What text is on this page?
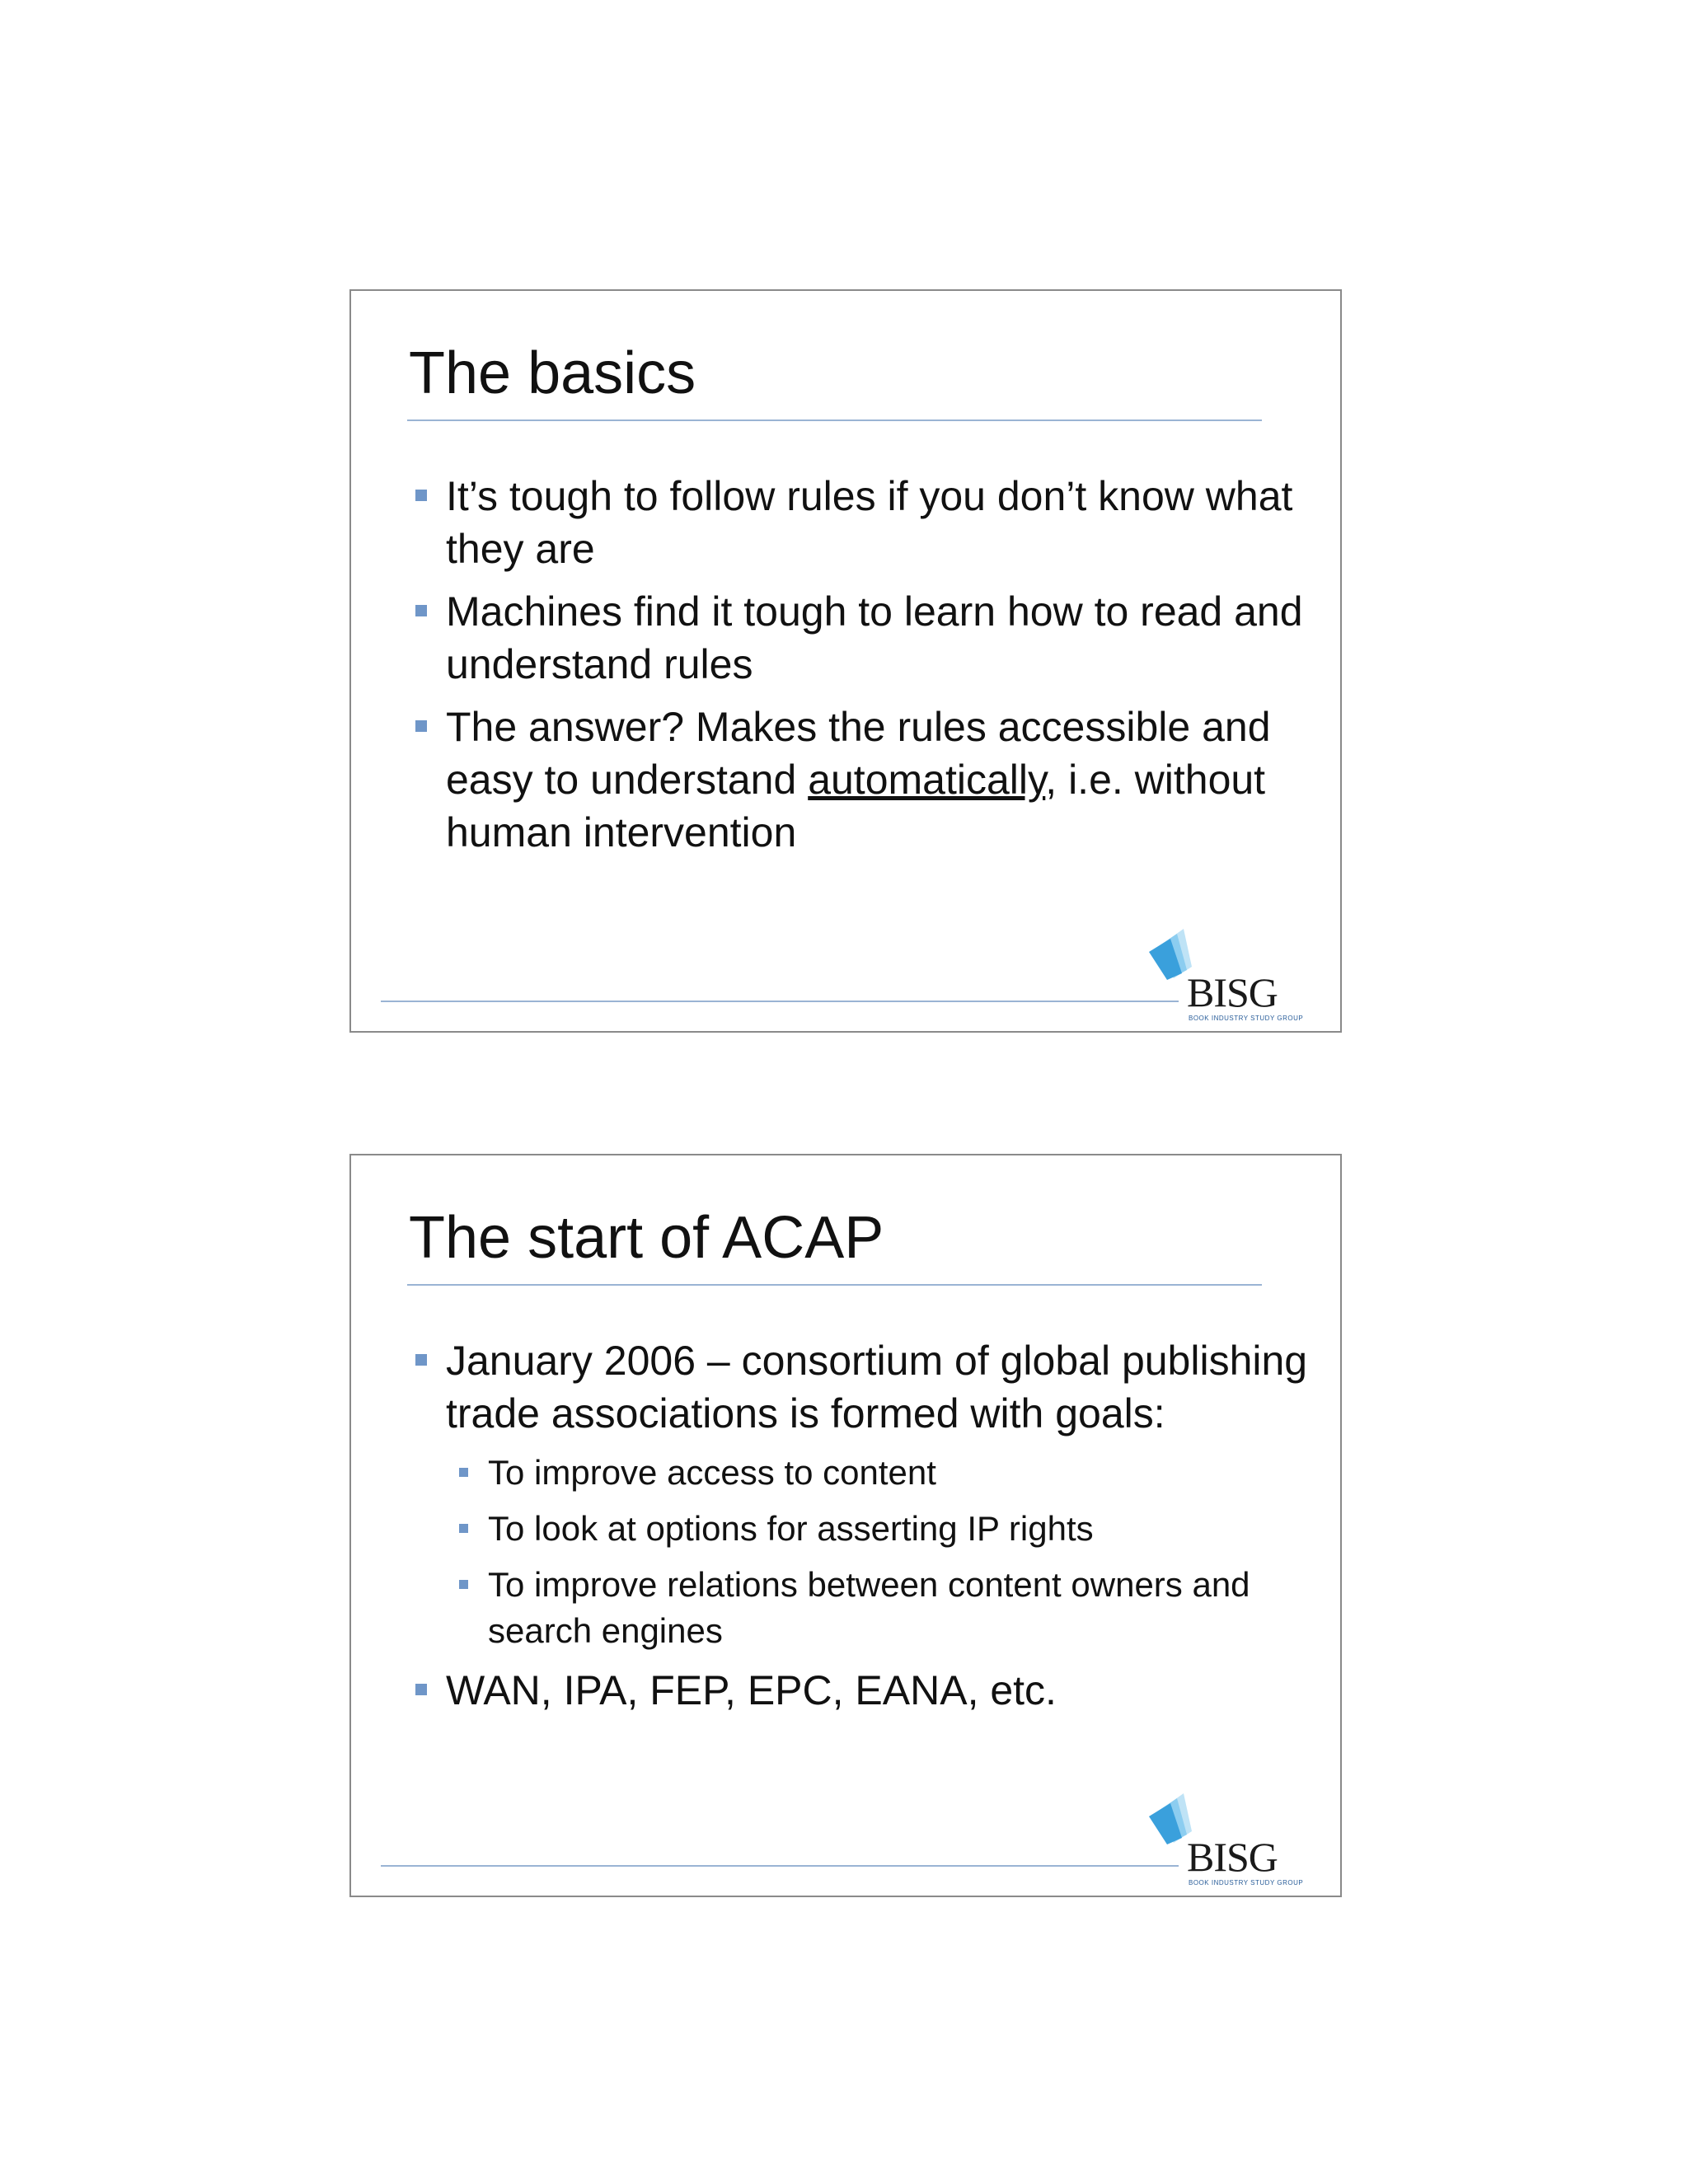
The basics
It’s tough to follow rules if you don’t know what they are
Machines find it tough to learn how to read and understand rules
The answer? Makes the rules accessible and easy to understand automatically, i.e. without human intervention
BISG
BOOK INDUSTRY STUDY GROUP
The start of ACAP
January 2006 – consortium of global publishing trade associations is formed with goals:
To improve access to content
To look at options for asserting IP rights
To improve relations between content owners and search engines
WAN, IPA, FEP, EPC, EANA, etc.
BISG
BOOK INDUSTRY STUDY GROUP
